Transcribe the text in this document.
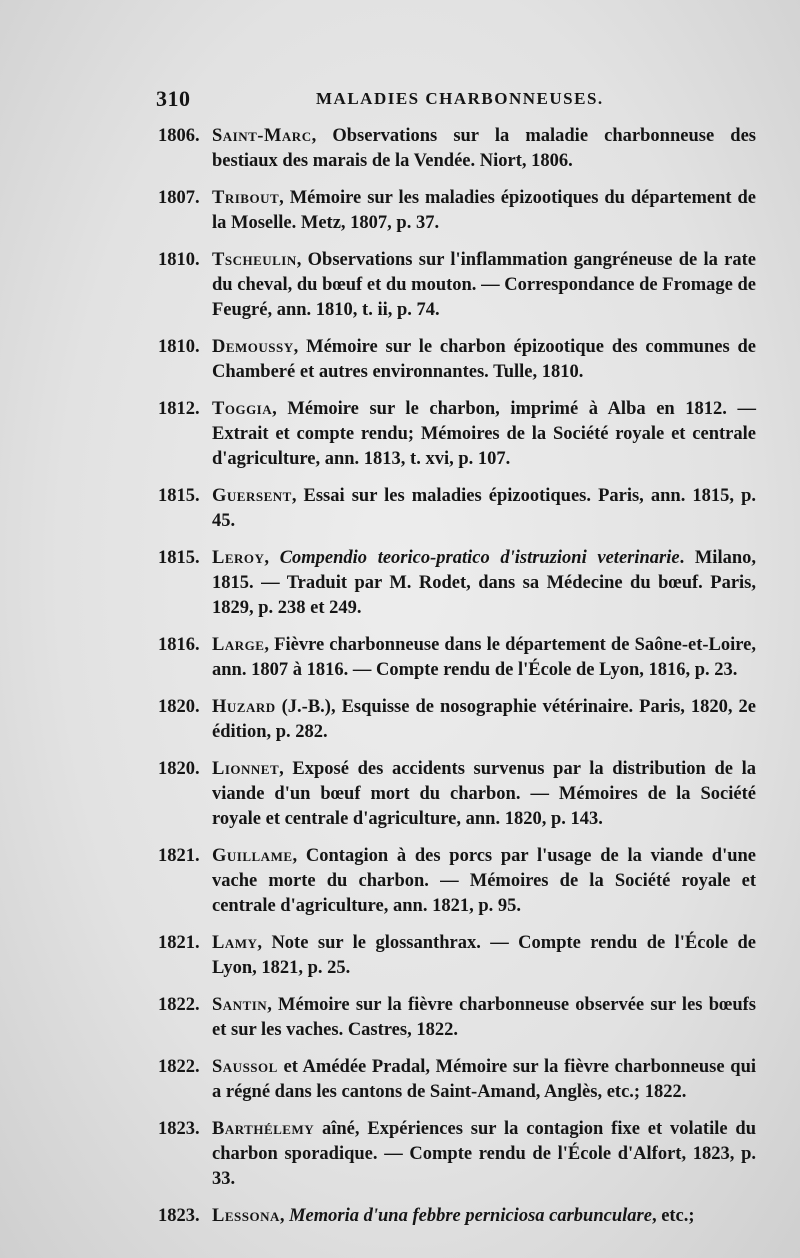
310	MALADIES CHARBONNEUSES.
1806. Saint-Marc, Observations sur la maladie charbonneuse des bestiaux des marais de la Vendée. Niort, 1806.
1807. Tribout, Mémoire sur les maladies épizootiques du département de la Moselle. Metz, 1807, p. 37.
1810. Tscheulin, Observations sur l'inflammation gangréneuse de la rate du cheval, du bœuf et du mouton. — Correspondance de Fromage de Feugré, ann. 1810, t. ii, p. 74.
1810. Demoussy, Mémoire sur le charbon épizootique des communes de Chamberé et autres environnantes. Tulle, 1810.
1812. Toggia, Mémoire sur le charbon, imprimé à Alba en 1812. — Extrait et compte rendu; Mémoires de la Société royale et centrale d'agriculture, ann. 1813, t. xvi, p. 107.
1815. Guersent, Essai sur les maladies épizootiques. Paris, ann. 1815, p. 45.
1815. Leroy, Compendio teorico-pratico d'istruzioni veterinarie. Milano, 1815. — Traduit par M. Rodet, dans sa Médecine du bœuf. Paris, 1829, p. 238 et 249.
1816. Large, Fièvre charbonneuse dans le département de Saône-et-Loire, ann. 1807 à 1816. — Compte rendu de l'École de Lyon, 1816, p. 23.
1820. Huzard (J.-B.), Esquisse de nosographie vétérinaire. Paris, 1820, 2e édition, p. 282.
1820. Lionnet, Exposé des accidents survenus par la distribution de la viande d'un bœuf mort du charbon. — Mémoires de la Société royale et centrale d'agriculture, ann. 1820, p. 143.
1821. Guillame, Contagion à des porcs par l'usage de la viande d'une vache morte du charbon. — Mémoires de la Société royale et centrale d'agriculture, ann. 1821, p. 95.
1821. Lamy, Note sur le glossanthrax. — Compte rendu de l'École de Lyon, 1821, p. 25.
1822. Santin, Mémoire sur la fièvre charbonneuse observée sur les bœufs et sur les vaches. Castres, 1822.
1822. Saussol et Amédée Pradal, Mémoire sur la fièvre charbonneuse qui a régné dans les cantons de Saint-Amand, Anglès, etc.; 1822.
1823. Barthélemy aîné, Expériences sur la contagion fixe et volatile du charbon sporadique. — Compte rendu de l'École d'Alfort, 1823, p. 33.
1823. Lessona, Memoria d'una febbre perniciosa carbunculare, etc.;
